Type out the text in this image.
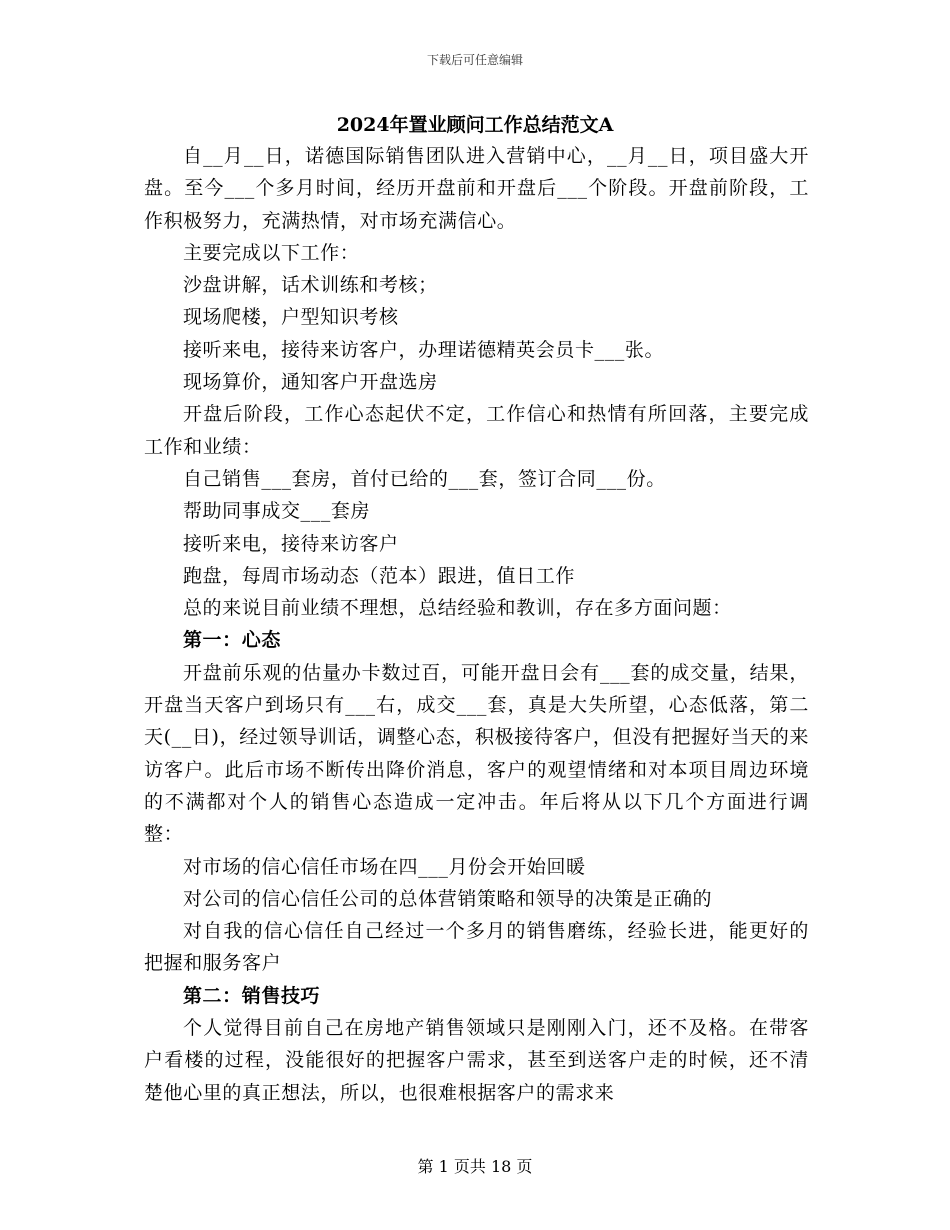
下载后可任意编辑
2024年置业顾问工作总结范文A

自__月__日，诺德国际销售团队进入营销中心，__月__日，项目盛大开盘。至今___个多月时间，经历开盘前和开盘后___个阶段。开盘前阶段，工作积极努力，充满热情，对市场充满信心。

主要完成以下工作：

沙盘讲解，话术训练和考核；

现场爬楼，户型知识考核

接听来电，接待来访客户，办理诺德精英会员卡___张。

现场算价，通知客户开盘选房

开盘后阶段，工作心态起伏不定，工作信心和热情有所回落，主要完成工作和业绩：

自己销售___套房，首付已给的___套，签订合同___份。

帮助同事成交___套房

接听来电，接待来访客户

跑盘，每周市场动态（范本）跟进，值日工作

总的来说目前业绩不理想，总结经验和教训，存在多方面问题：

第一：心态

开盘前乐观的估量办卡数过百，可能开盘日会有___套的成交量，结果，开盘当天客户到场只有___右，成交___套，真是大失所望，心态低落，第二天(__日)，经过领导训话，调整心态，积极接待客户，但没有把握好当天的来访客户。此后市场不断传出降价消息，客户的观望情绪和对本项目周边环境的不满都对个人的销售心态造成一定冲击。年后将从以下几个方面进行调整：

对市场的信心信任市场在四___月份会开始回暖

对公司的信心信任公司的总体营销策略和领导的决策是正确的

对自我的信心信任自己经过一个多月的销售磨练，经验长进，能更好的把握和服务客户

第二：销售技巧

个人觉得目前自己在房地产销售领域只是刚刚入门，还不及格。在带客户看楼的过程，没能很好的把握客户需求，甚至到送客户走的时候，还不清楚他心里的真正想法，所以，也很难根据客户的需求来

第 1 页共 18 页
